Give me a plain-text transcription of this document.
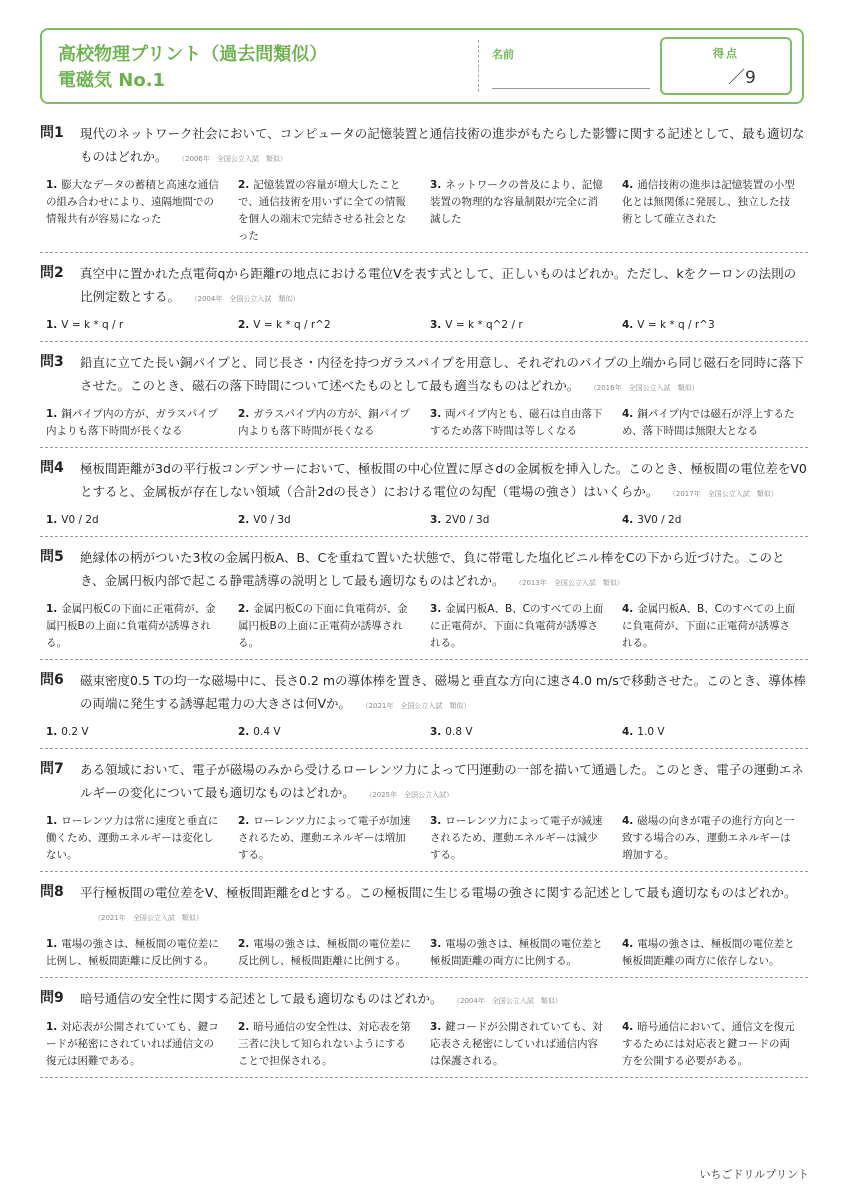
高校物理プリント（過去問類似）
電磁気 No.1
名前	得点
／9
問1	現代のネットワーク社会において、コンピュータの記憶装置と通信技術の進歩がもたらした影響に関する記述として、最も適切なものはどれか。 （2006年　全国公立入試　類似）
1. 膨大なデータの蓄積と高速な通信の組み合わせにより、遠隔地間での情報共有が容易になった
2. 記憶装置の容量が増大したことで、通信技術を用いずに全ての情報を個人の端末で完結させる社会となった
3. ネットワークの普及により、記憶装置の物理的な容量制限が完全に消滅した
4. 通信技術の進歩は記憶装置の小型化とは無関係に発展し、独立した技術として確立された
問2	真空中に置かれた点電荷qから距離rの地点における電位Vを表す式として、正しいものはどれか。ただし、kをクーロンの法則の比例定数とする。 （2004年　全国公立入試　類似）
1. V = k * q / r	2. V = k * q / r^2	3. V = k * q^2 / r	4. V = k * q / r^3
問3	鉛直に立てた長い銅パイプと、同じ長さ・内径を持つガラスパイプを用意し、それぞれのパイプの上端から同じ磁石を同時に落下させた。このとき、磁石の落下時間について述べたものとして最も適当なものはどれか。 （2016年　全国公立入試　類似）
1. 銅パイプ内の方が、ガラスパイプ内よりも落下時間が長くなる
2. ガラスパイプ内の方が、銅パイプ内よりも落下時間が長くなる
3. 両パイプ内とも、磁石は自由落下するため落下時間は等しくなる
4. 銅パイプ内では磁石が浮上するため、落下時間は無限大となる
問4	極板間距離が3dの平行板コンデンサーにおいて、極板間の中心位置に厚さdの金属板を挿入した。このとき、極板間の電位差をV0とすると、金属板が存在しない領域（合計2dの長さ）における電位の勾配（電場の強さ）はいくらか。 （2017年　全国公立入試　類似）
1. V0 / 2d	2. V0 / 3d	3. 2V0 / 3d	4. 3V0 / 2d
問5	絶縁体の柄がついた3枚の金属円板A、B、Cを重ねて置いた状態で、負に帯電した塩化ビニル棒をCの下から近づけた。このとき、金属円板内部で起こる静電誘導の説明として最も適切なものはどれか。 （2013年　全国公立入試　類似）
1. 金属円板Cの下面に正電荷が、金属円板Bの上面に負電荷が誘導される。
2. 金属円板Cの下面に負電荷が、金属円板Bの上面に正電荷が誘導される。
3. 金属円板A、B、Cのすべての上面に正電荷が、下面に負電荷が誘導される。
4. 金属円板A、B、Cのすべての上面に負電荷が、下面に正電荷が誘導される。
問6	磁束密度0.5 Tの均一な磁場中に、長さ0.2 mの導体棒を置き、磁場と垂直な方向に速さ4.0 m/sで移動させた。このとき、導体棒の両端に発生する誘導起電力の大きさは何Vか。 （2021年　全国公立入試　類似）
1. 0.2 V	2. 0.4 V	3. 0.8 V	4. 1.0 V
問7	ある領域において、電子が磁場のみから受けるローレンツ力によって円運動の一部を描いて通過した。このとき、電子の運動エネルギーの変化について最も適切なものはどれか。 （2025年　全国公立入試）
1. ローレンツ力は常に速度と垂直に働くため、運動エネルギーは変化しない。
2. ローレンツ力によって電子が加速されるため、運動エネルギーは増加する。
3. ローレンツ力によって電子が減速されるため、運動エネルギーは減少する。
4. 磁場の向きが電子の進行方向と一致する場合のみ、運動エネルギーは増加する。
問8	平行極板間の電位差をV、極板間距離をdとする。この極板間に生じる電場の強さに関する記述として最も適切なものはどれか。（2021年　全国公立入試　類似）
1. 電場の強さは、極板間の電位差に比例し、極板間距離に反比例する。
2. 電場の強さは、極板間の電位差に反比例し、極板間距離に比例する。
3. 電場の強さは、極板間の電位差と極板間距離の両方に比例する。
4. 電場の強さは、極板間の電位差と極板間距離の両方に依存しない。
問9	暗号通信の安全性に関する記述として最も適切なものはどれか。 （2004年　全国公立入試　類似）
1. 対応表が公開されていても、鍵コードが秘密にされていれば通信文の復元は困難である。
2. 暗号通信の安全性は、対応表を第三者に決して知られないようにすることで担保される。
3. 鍵コードが公開されていても、対応表さえ秘密にしていれば通信内容は保護される。
4. 暗号通信において、通信文を復元するためには対応表と鍵コードの両方を公開する必要がある。
いちごドリルプリント
